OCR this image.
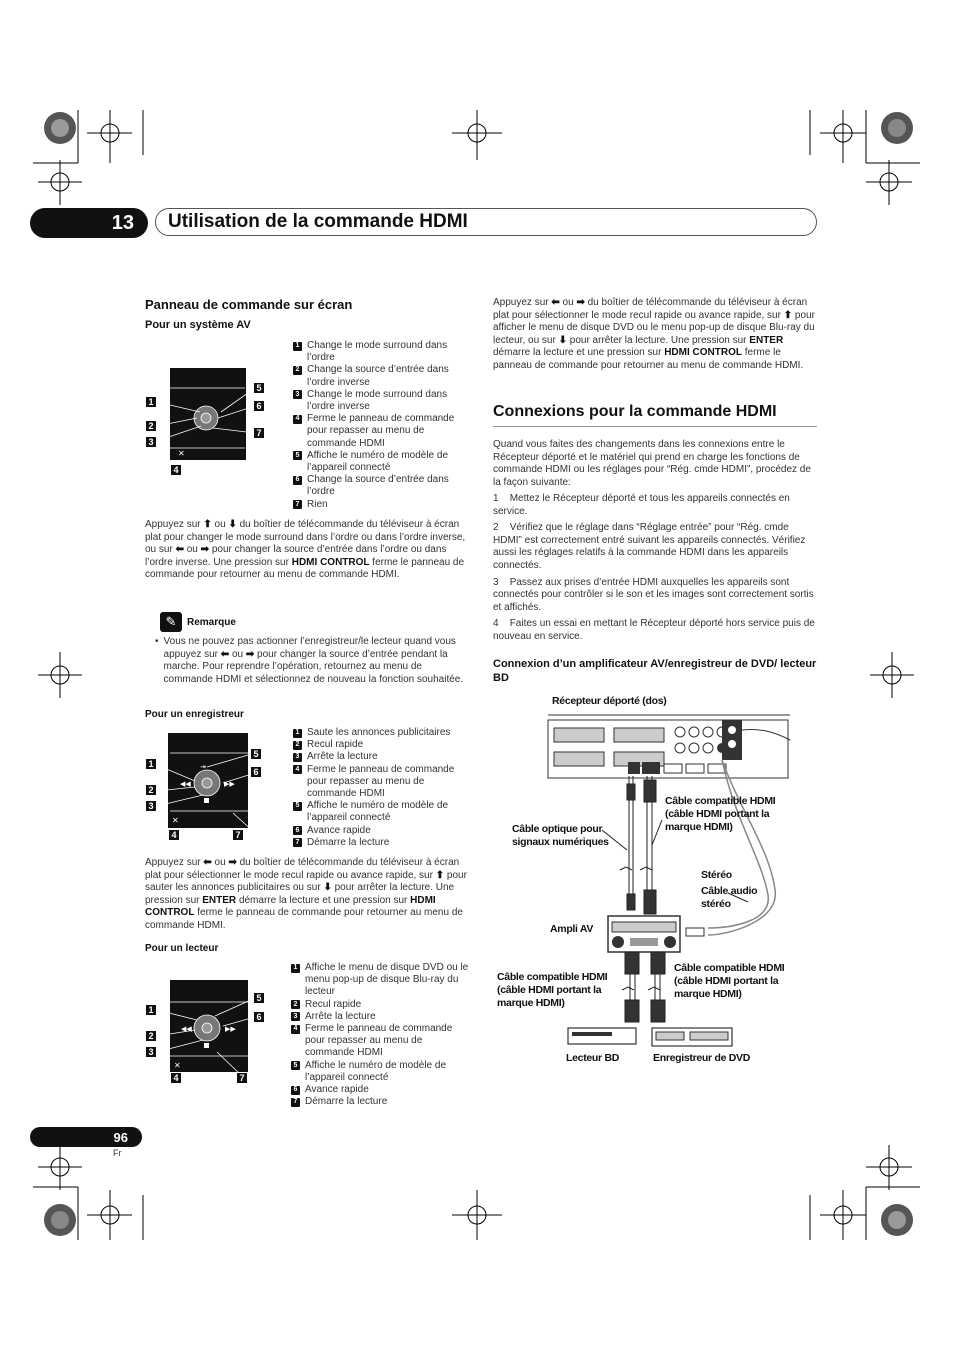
13	Utilisation de la commande HDMI
Panneau de commande sur écran
Pour un système AV
✕
1
2
3
4
5
6
7
1 Change le mode surround dans l’ordre
2 Change la source d’entrée dans l’ordre inverse
3 Change le mode surround dans l’ordre inverse
4 Ferme le panneau de commande pour repasser au menu de commande HDMI
5 Affiche le numéro de modèle de l’appareil connecté
6 Change la source d’entrée dans l’ordre
7 Rien
Appuyez sur ⬆ ou ⬇ du boîtier de télécommande du téléviseur à écran plat pour changer le mode surround dans l’ordre ou dans l’ordre inverse, ou sur ⬅ ou ➡ pour changer la source d’entrée dans l’ordre ou dans l’ordre inverse. Une pression sur HDMI CONTROL ferme le panneau de commande pour retourner au menu de commande HDMI.
✎	Remarque
• Vous ne pouvez pas actionner l’enregistreur/le lecteur quand vous appuyez sur ⬅ ou ➡ pour changer la source d’entrée pendant la marche. Pour reprendre l’opération, retournez au menu de commande HDMI et sélectionnez de nouveau la fonction souhaitée.
Pour un enregistreur
⇥
◀◀	▶▶
✕
1
2
3
4
5
6
7
1 Saute les annonces publicitaires
2 Recul rapide
3 Arrête la lecture
4 Ferme le panneau de commande pour repasser au menu de commande HDMI
5 Affiche le numéro de modèle de l’appareil connecté
6 Avance rapide
7 Démarre la lecture
Appuyez sur ⬅ ou ➡ du boîtier de télécommande du téléviseur à écran plat pour sélectionner le mode recul rapide ou avance rapide, sur ⬆ pour sauter les annonces publicitaires ou sur ⬇ pour arrêter la lecture. Une pression sur ENTER démarre la lecture et une pression sur HDMI CONTROL ferme le panneau de commande pour retourner au menu de commande HDMI.
Pour un lecteur
◀◀	▶▶
✕
1
2
3
4
5
6
7
1 Affiche le menu de disque DVD ou le menu pop-up de disque Blu-ray du lecteur
2 Recul rapide
3 Arrête la lecture
4 Ferme le panneau de commande pour repasser au menu de commande HDMI
5 Affiche le numéro de modèle de l’appareil connecté
6 Avance rapide
7 Démarre la lecture
Appuyez sur ⬅ ou ➡ du boîtier de télécommande du téléviseur à écran plat pour sélectionner le mode recul rapide ou avance rapide, sur ⬆ pour afficher le menu de disque DVD ou le menu pop-up de disque Blu-ray du lecteur, ou sur ⬇ pour arrêter la lecture. Une pression sur ENTER démarre la lecture et une pression sur HDMI CONTROL ferme le panneau de commande pour retourner au menu de commande HDMI.
Connexions pour la commande HDMI
Quand vous faites des changements dans les connexions entre le Récepteur déporté et le matériel qui prend en charge les fonctions de commande HDMI ou les réglages pour “Rég. cmde HDMI”, procédez de la façon suivante:
1 Mettez le Récepteur déporté et tous les appareils connectés en service.
2 Vérifiez que le réglage dans “Réglage entrée” pour “Rég. cmde HDMI” est correctement entré suivant les appareils connectés. Vérifiez aussi les réglages relatifs à la commande HDMI dans les appareils connectés.
3 Passez aux prises d’entrée HDMI auxquelles les appareils sont connectés pour contrôler si le son et les images sont correctement sortis et affichés.
4 Faites un essai en mettant le Récepteur déporté hors service puis de nouveau en service.
Connexion d’un amplificateur AV/enregistreur de DVD/ lecteur BD
Récepteur déporté (dos)
Câble optique pour signaux numériques
Câble compatible HDMI (câble HDMI portant la marque HDMI)
Stéréo
Câble audio stéréo
Ampli AV
Câble compatible HDMI (câble HDMI portant la marque HDMI)
Câble compatible HDMI (câble HDMI portant la marque HDMI)
Lecteur BD	Enregistreur de DVD
96
Fr
